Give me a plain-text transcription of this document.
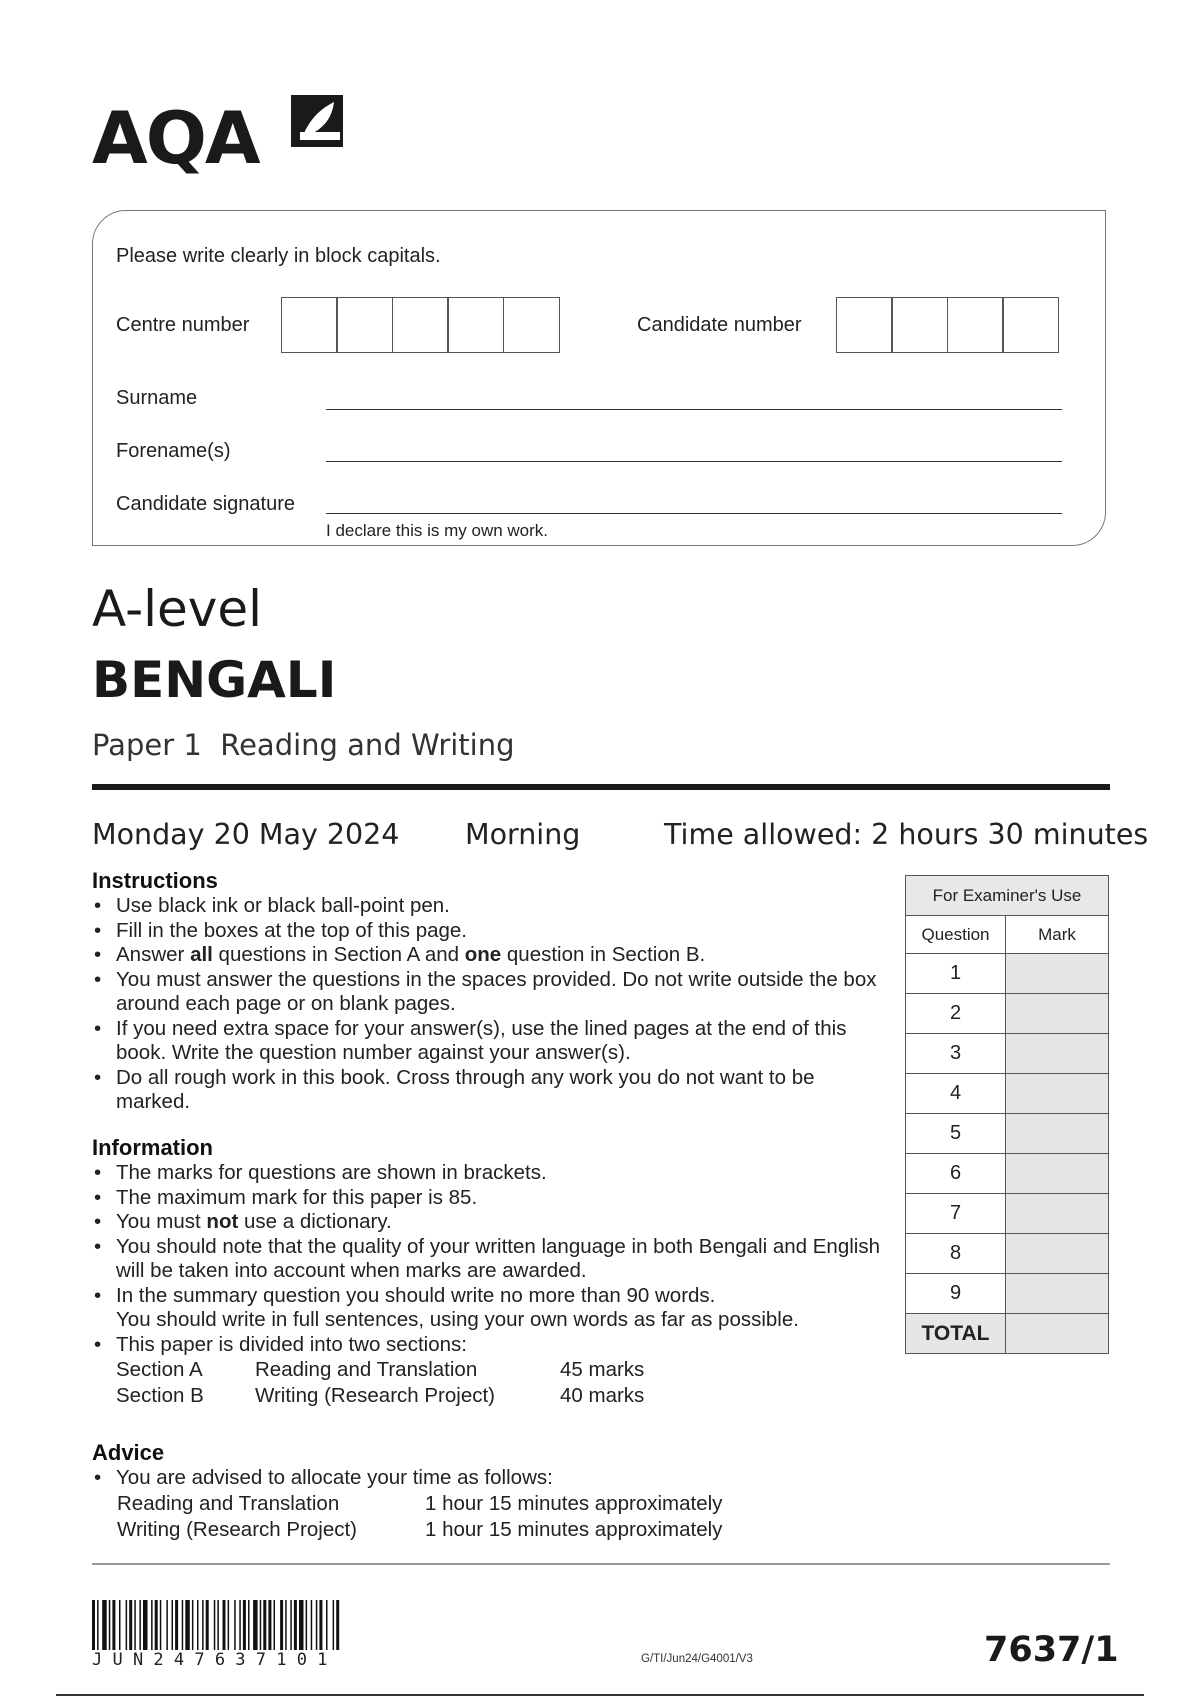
AQA
Please write clearly in block capitals.
Centre number	Candidate number
Surname
Forename(s)
Candidate signature
I declare this is my own work.
A-level
BENGALI
Paper 1  Reading and Writing
Monday 20 May 2024 Morning	Time allowed: 2 hours 30 minutes
Instructions
• Use black ink or black ball-point pen.
• Fill in the boxes at the top of this page.
• Answer all questions in Section A and one question in Section B.
• You must answer the questions in the spaces provided. Do not write outside the box around each page or on blank pages.
• If you need extra space for your answer(s), use the lined pages at the end of this book. Write the question number against your answer(s).
• Do all rough work in this book. Cross through any work you do not want to be marked.
Information
• The marks for questions are shown in brackets.
• The maximum mark for this paper is 85.
• You must not use a dictionary.
• You should note that the quality of your written language in both Bengali and English will be taken into account when marks are awarded.
• In the summary question you should write no more than 90 words.
You should write in full sentences, using your own words as far as possible.
• This paper is divided into two sections:
Section A	Reading and Translation	45 marks
Section B	Writing (Research Project)	40 marks
Advice
• You are advised to allocate your time as follows:
Reading and Translation	1 hour 15 minutes approximately
Writing (Research Project)	1 hour 15 minutes approximately
For Examiner's Use	
Question	Mark
1	
2	
3	
4	
5	
6	
7	
8	
9	
TOTAL	
J U N 2 4 7 6 3 7 1 0 1	G/TI/Jun24/G4001/V3	7637/1
